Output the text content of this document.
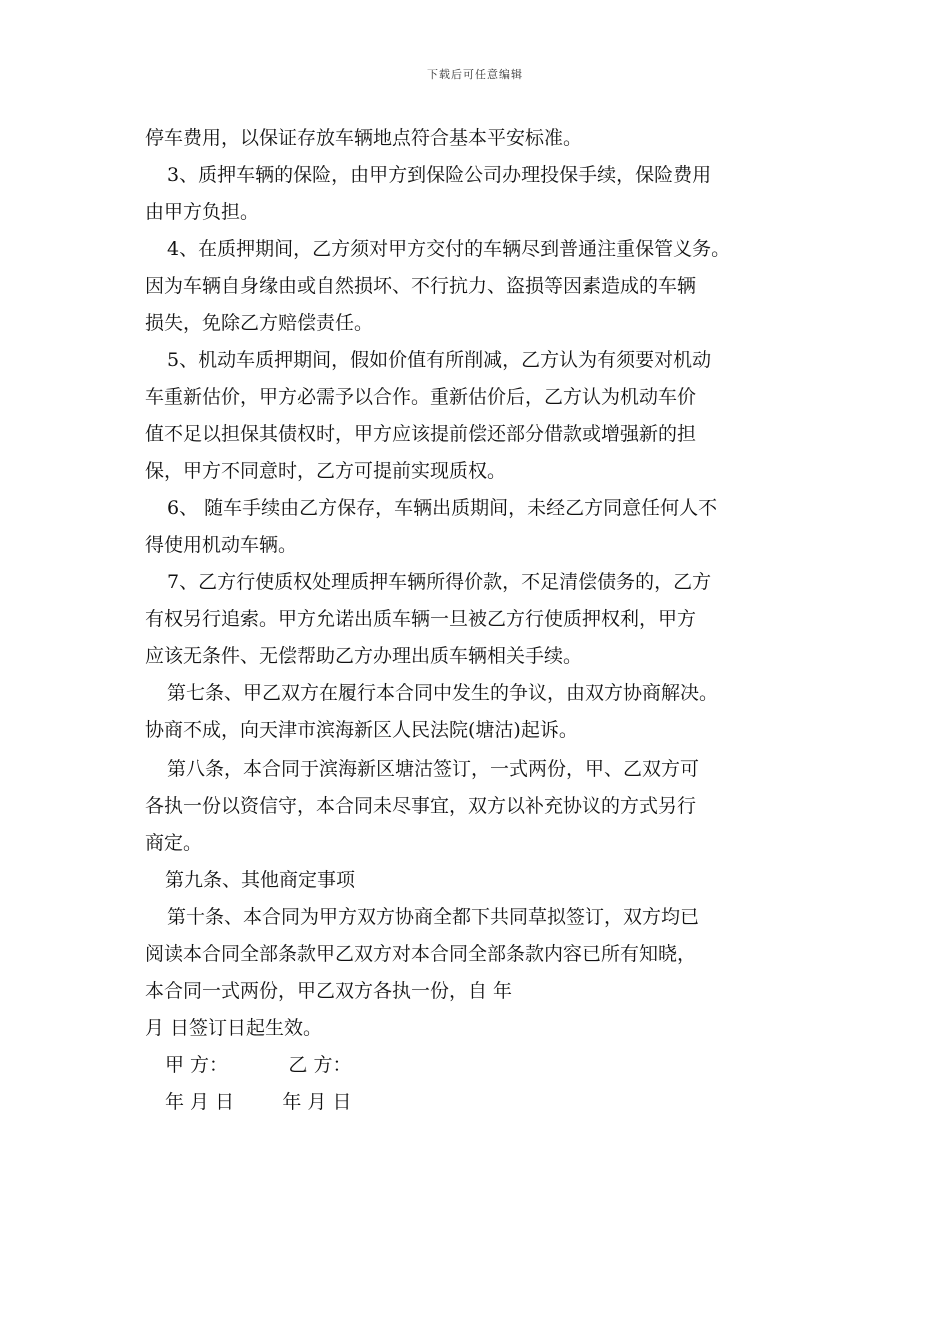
下载后可任意编辑
停车费用，以保证存放车辆地点符合基本平安标准。
3、质押车辆的保险，由甲方到保险公司办理投保手续，保险费用
由甲方负担。
4、在质押期间，乙方须对甲方交付的车辆尽到普通注重保管义务。
因为车辆自身缘由或自然损坏、不行抗力、盗损等因素造成的车辆
损失，免除乙方赔偿责任。
5、机动车质押期间，假如价值有所削减，乙方认为有须要对机动
车重新估价，甲方必需予以合作。重新估价后，乙方认为机动车价
值不足以担保其债权时，甲方应该提前偿还部分借款或增强新的担
保，甲方不同意时，乙方可提前实现质权。
6、 随车手续由乙方保存，车辆出质期间，未经乙方同意任何人不
得使用机动车辆。
7、乙方行使质权处理质押车辆所得价款，不足清偿债务的，乙方
有权另行追索。甲方允诺出质车辆一旦被乙方行使质押权利，甲方
应该无条件、无偿帮助乙方办理出质车辆相关手续。
第七条、甲乙双方在履行本合同中发生的争议，由双方协商解决。
协商不成，向天津市滨海新区人民法院(塘沽)起诉。
第八条，本合同于滨海新区塘沽签订，一式两份，甲、乙双方可
各执一份以资信守，本合同未尽事宜，双方以补充协议的方式另行
商定。
第九条、其他商定事项
第十条、本合同为甲方双方协商全都下共同草拟签订，双方均已
阅读本合同全部条款甲乙双方对本合同全部条款内容已所有知晓，
本合同一式两份，甲乙双方各执一份，自 年
月 日签订日起生效。
甲 方：          乙 方：
年 月 日        年 月 日
